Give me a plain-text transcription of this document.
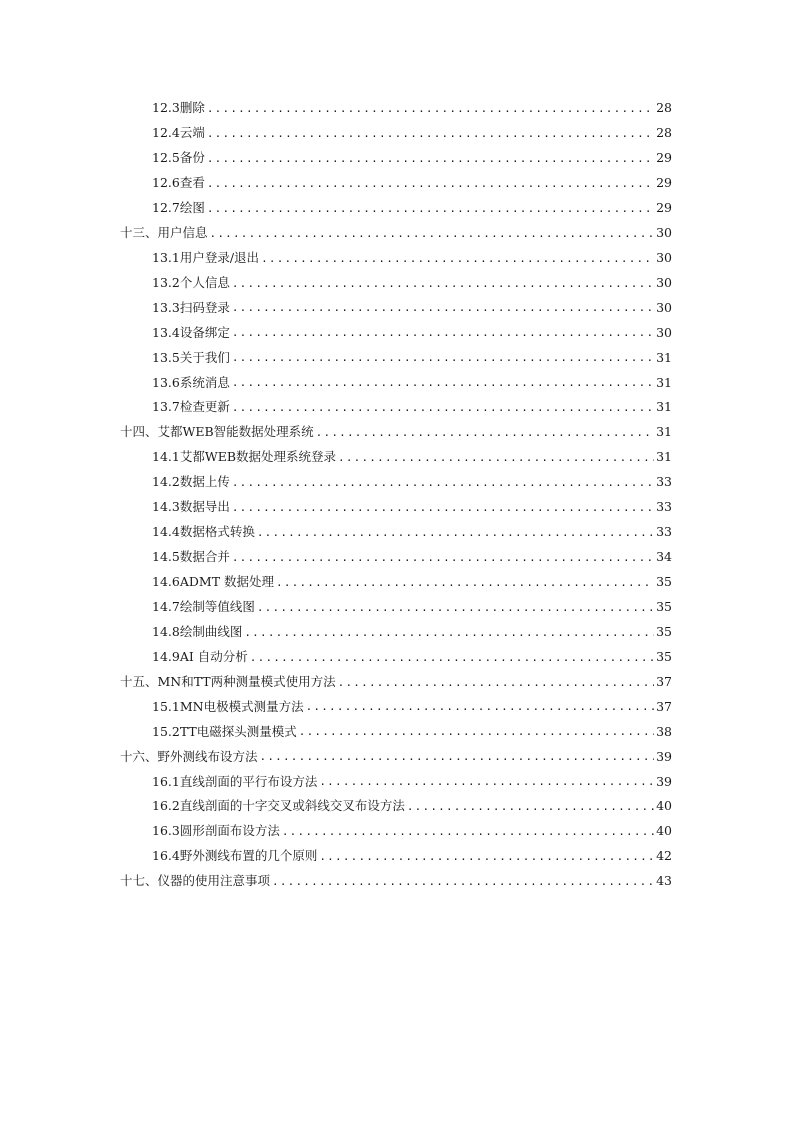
12.3 删除 .....	28
12.4 云端 .....	28
12.5 备份 .....	29
12.6 查看 .....	29
12.7 绘图 .....	29
十三、用户信息 .....	30
13.1 用户登录/退出 .....	30
13.2 个人信息 .....	30
13.3 扫码登录 .....	30
13.4 设备绑定 .....	30
13.5 关于我们 .....	31
13.6 系统消息 .....	31
13.7 检查更新 .....	31
十四、艾都WEB智能数据处理系统 .....	31
14.1 艾都WEB数据处理系统登录 .....	31
14.2 数据上传 .....	33
14.3 数据导出 .....	33
14.4 数据格式转换 .....	33
14.5 数据合并 .....	34
14.6 ADMT 数据处理 .....	35
14.7 绘制等值线图 .....	35
14.8 绘制曲线图 .....	35
14.9 AI 自动分析 .....	35
十五、MN和TT两种测量模式使用方法 .....	37
15.1 MN电极模式测量方法 .....	37
15.2 TT电磁探头测量模式 .....	38
十六、野外测线布设方法 .....	39
16.1 直线剖面的平行布设方法 .....	39
16.2 直线剖面的十字交叉或斜线交叉布设方法 .....	40
16.3 圆形剖面布设方法 .....	40
16.4 野外测线布置的几个原则 .....	42
十七、仪器的使用注意事项 .....	43
